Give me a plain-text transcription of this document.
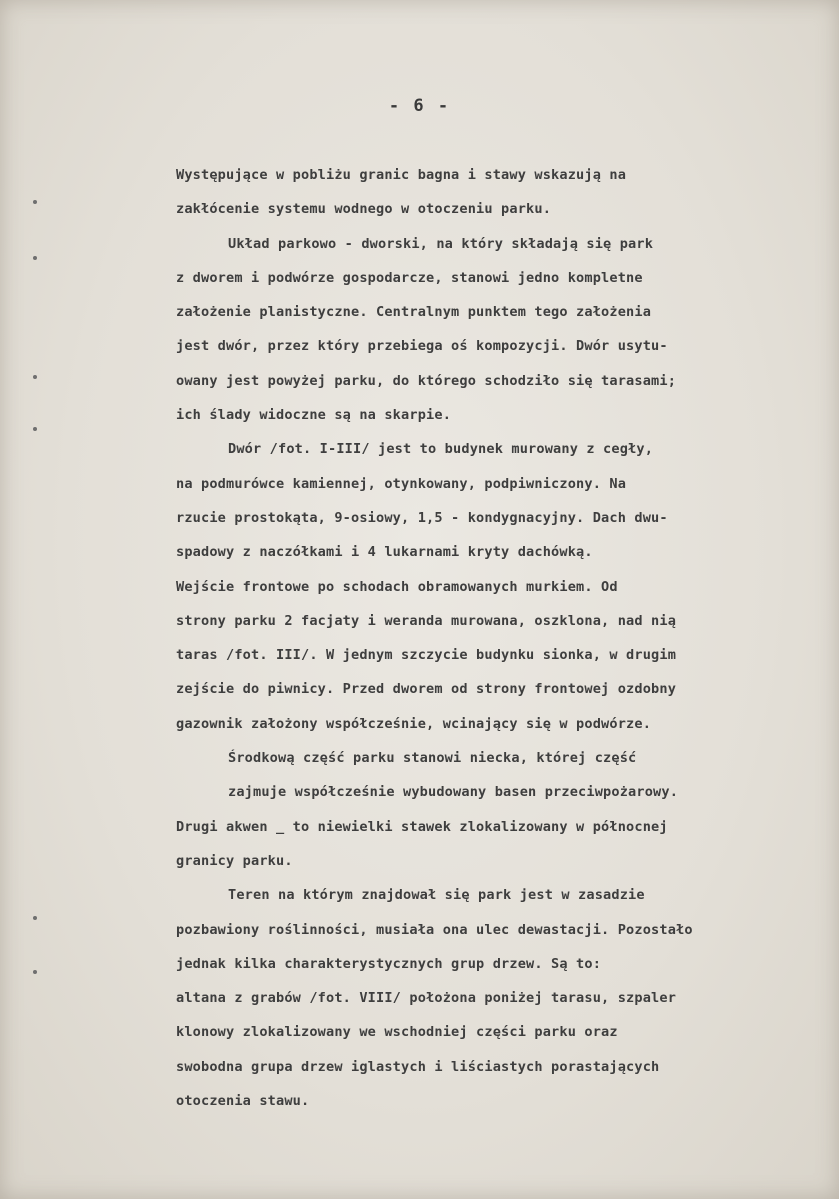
- 6 -
Występujące w pobliżu granic bagna i stawy wskazują na
zakłócenie systemu wodnego w otoczeniu parku.
Układ parkowo - dworski, na który składają się park
z dworem i podwórze gospodarcze, stanowi jedno kompletne
założenie planistyczne. Centralnym punktem tego założenia
jest dwór, przez który przebiega oś kompozycji. Dwór usytu-
owany jest powyżej parku, do którego schodziło się tarasami;
ich ślady widoczne są na skarpie.
Dwór /fot. I-III/ jest to budynek murowany z cegły,
na podmurówce kamiennej, otynkowany, podpiwniczony. Na
rzucie prostokąta, 9-osiowy, 1,5 - kondygnacyjny. Dach dwu-
spadowy z naczółkami i 4 lukarnami kryty dachówką.
Wejście frontowe po schodach obramowanych murkiem. Od
strony parku 2 facjaty i weranda murowana, oszklona, nad nią
taras /fot. III/. W jednym szczycie budynku sionka, w drugim
zejście do piwnicy. Przed dworem od strony frontowej ozdobny
gazownik założony współcześnie, wcinający się w podwórze.
Środkową część parku stanowi niecka, której część
zajmuje współcześnie wybudowany basen przeciwpożarowy.
Drugi akwen _ to niewielki stawek zlokalizowany w północnej
granicy parku.
Teren na którym znajdował się park jest w zasadzie
pozbawiony roślinności, musiała ona ulec dewastacji. Pozostało
jednak kilka charakterystycznych grup drzew. Są to:
altana z grabów /fot. VIII/ położona poniżej tarasu, szpaler
klonowy zlokalizowany we wschodniej części parku oraz
swobodna grupa drzew iglastych i liściastych porastających
otoczenia stawu.
